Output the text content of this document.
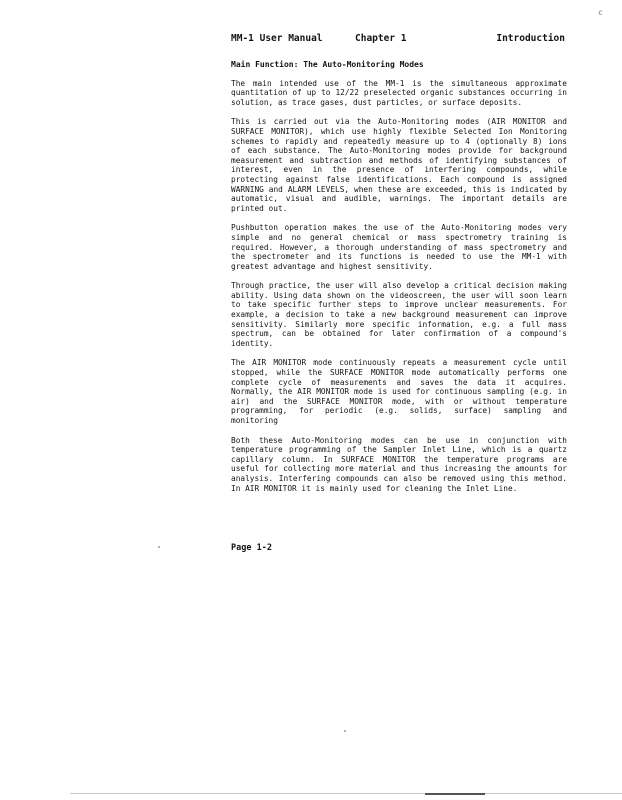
c
MM-1 User Manual	Chapter 1	Introduction
Main Function: The Auto-Monitoring Modes

The main intended use of the MM-1 is the simultaneous approximate quantitation of up to 12/22 preselected organic substances occurring in solution, as trace gases, dust particles, or surface deposits.

This is carried out via the Auto-Monitoring modes (AIR MONITOR and SURFACE MONITOR), which use highly flexible Selected Ion Monitoring schemes to rapidly and repeatedly measure up to 4 (optionally 8) ions of each substance. The Auto-Monitoring modes provide for background measurement and subtraction and methods of identifying substances of interest, even in the presence of interfering compounds, while protecting against false identifications. Each compound is assigned WARNING and ALARM LEVELS, when these are exceeded, this is indicated by automatic, visual and audible, warnings. The important details are printed out.

Pushbutton operation makes the use of the Auto-Monitoring modes very simple and no general chemical or mass spectrometry training is required. However, a thorough understanding of mass spectrometry and the spectrometer and its functions is needed to use the MM-1 with greatest advantage and highest sensitivity.

Through practice, the user will also develop a critical decision making ability. Using data shown on the videoscreen, the user will soon learn to take specific further steps to improve unclear measurements. For example, a decision to take a new background measurement can improve sensitivity. Similarly more specific information, e.g. a full mass spectrum, can be obtained for later confirmation of a compound's identity.

The AIR MONITOR mode continuously repeats a measurement cycle until stopped, while the SURFACE MONITOR mode automatically performs one complete cycle of measurements and saves the data it acquires. Normally, the AIR MONITOR mode is used for continuous sampling (e.g. in air) and the SURFACE MONITOR mode, with or without temperature programming, for periodic (e.g. solids, surface) sampling and monitoring

Both these Auto-Monitoring modes can be use in conjunction with temperature programming of the Sampler Inlet Line, which is a quartz capillary column. In SURFACE MONITOR the temperature programs are useful for collecting more material and thus increasing the amounts for analysis. Interfering compounds can also be removed using this method. In AIR MONITOR it is mainly used for cleaning the Inlet Line.

Page 1-2
